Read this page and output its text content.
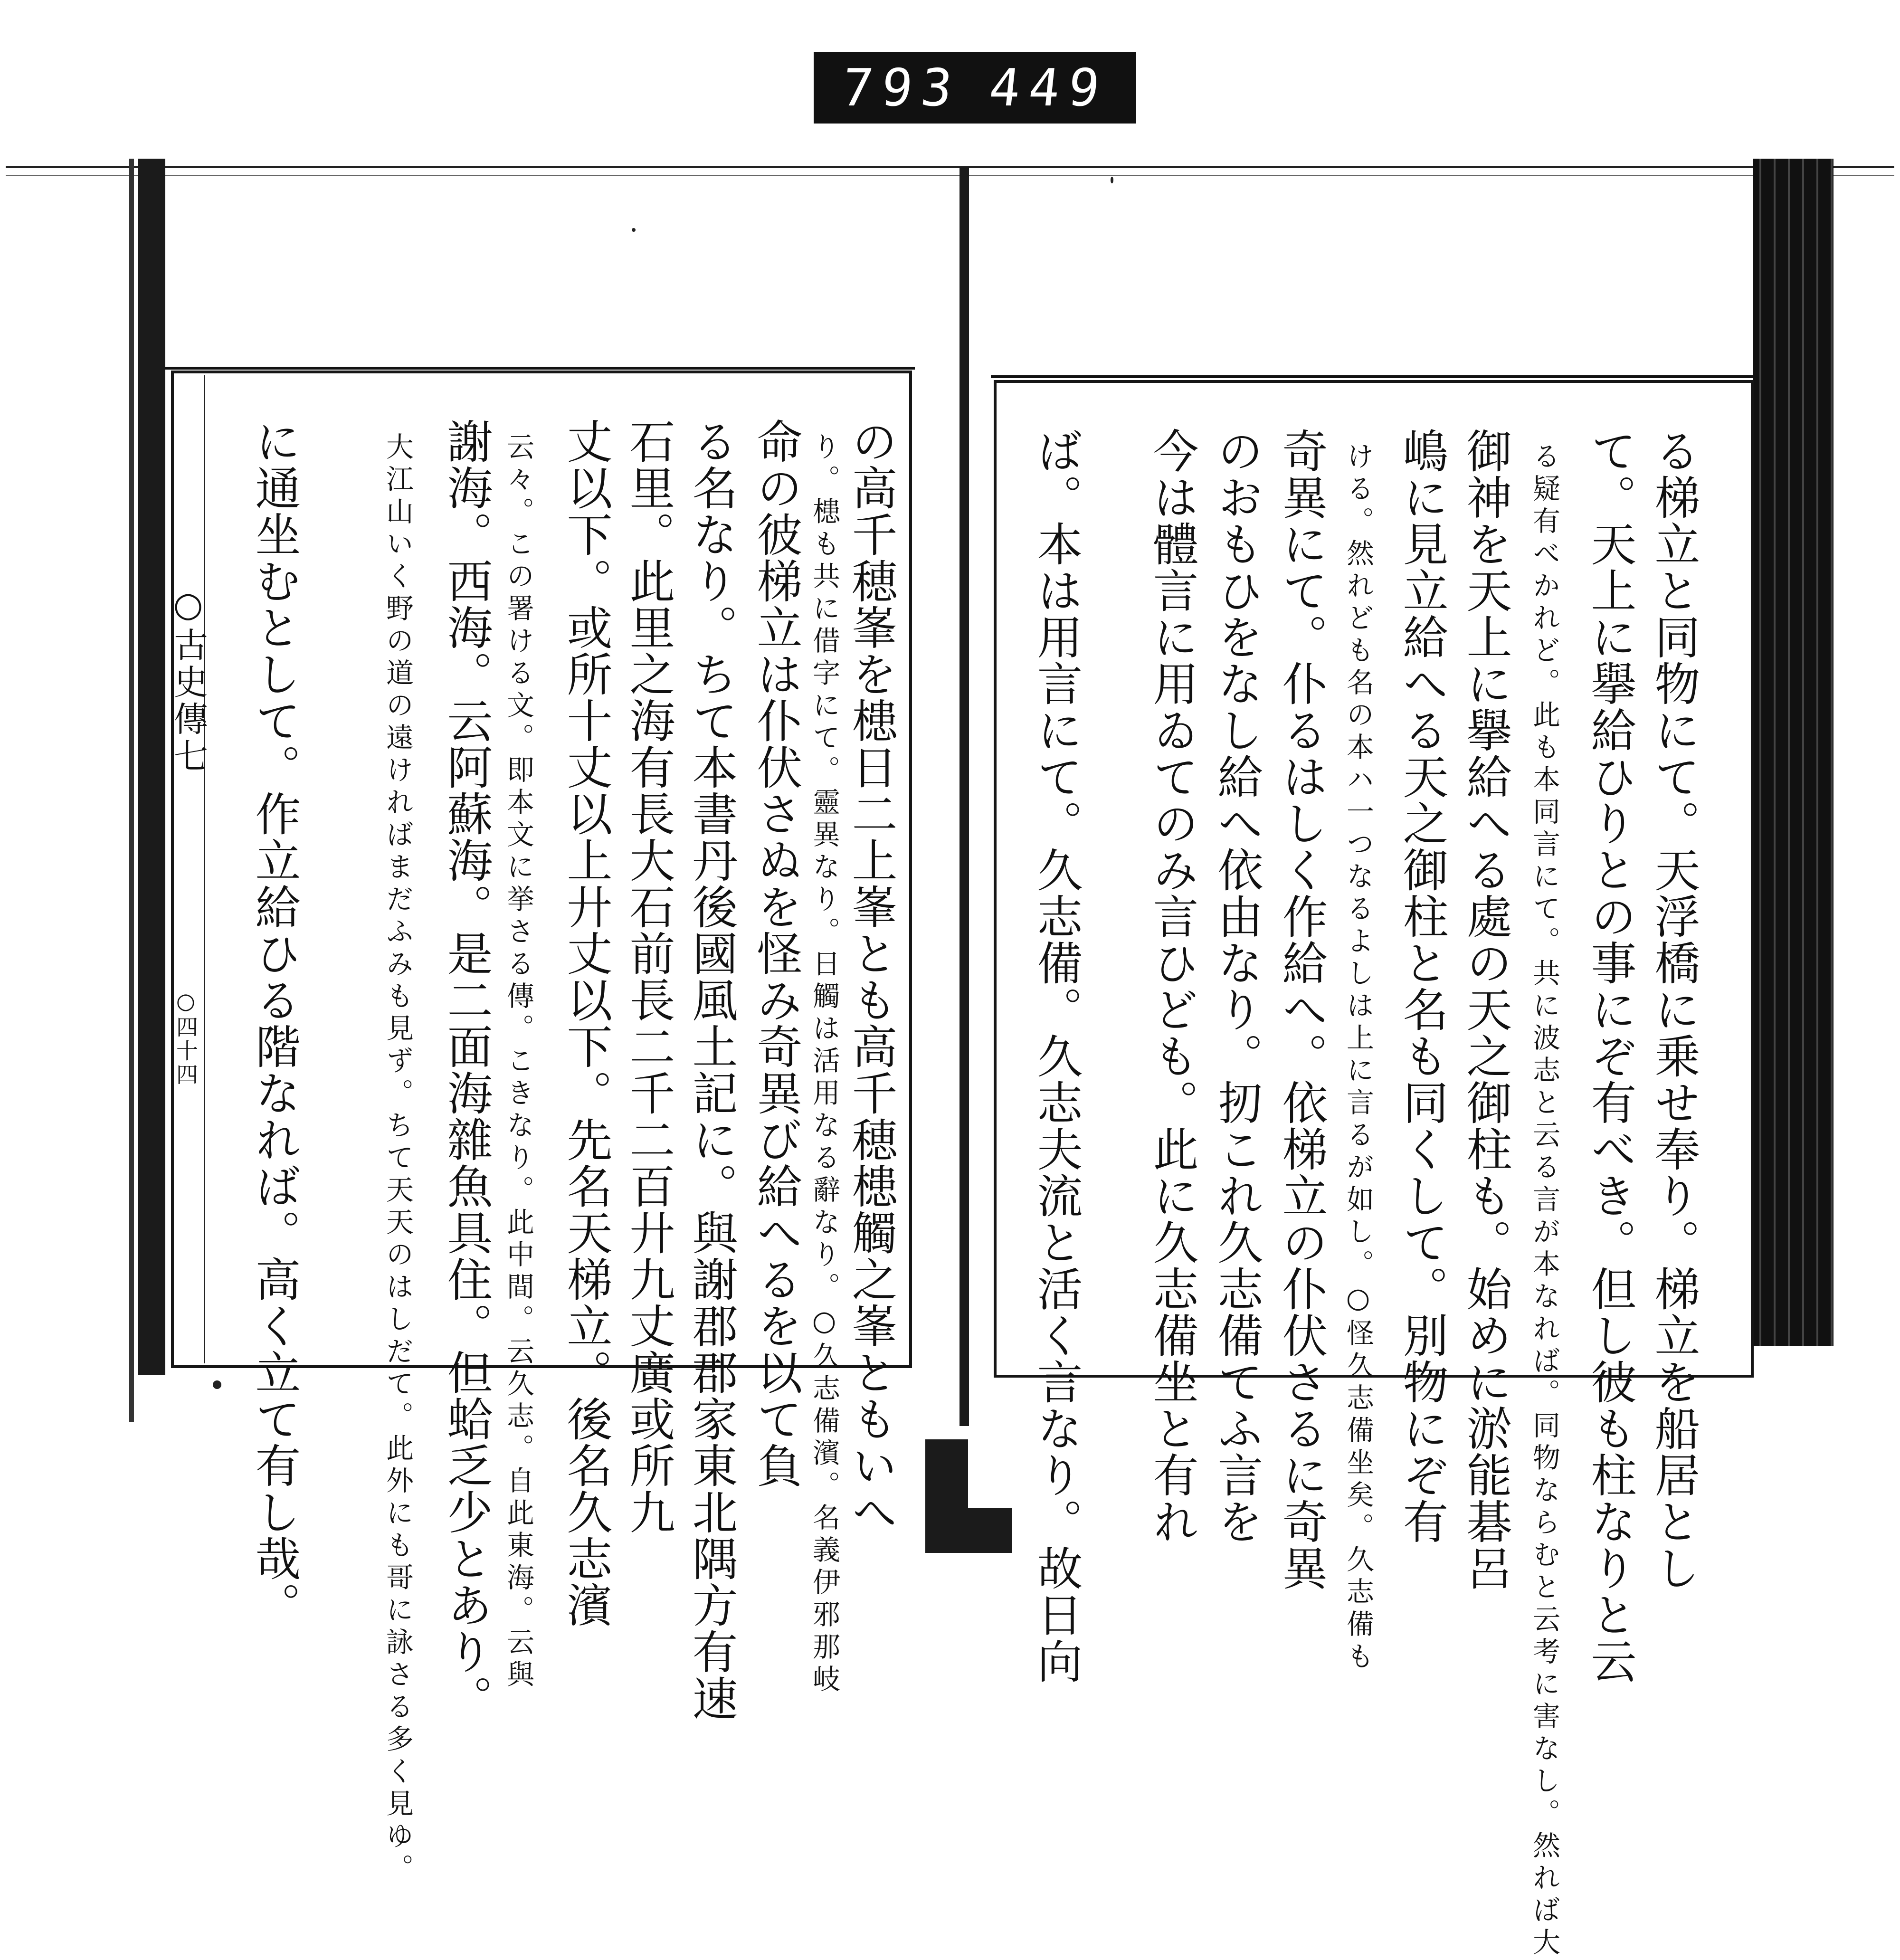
793 449
○古史傳七
○四十四	の高千穂峯を槵日二上峯とも高千穂槵觸之峯ともいへ
り。槵も共に借字にて。靈異なり。日觸は活用なる辭なり。○久志備濱。名義伊邪那岐
命の彼梯立は仆伏さぬを怪み奇異び給へるを以て負
る名なり。ちて本書丹後國風土記に。與謝郡郡家東北隅方有速
石里。此里之海有長大石前長二千二百廾九丈廣或所九
丈以下。或所十丈以上廾丈以下。先名天梯立。後名久志濱
云々。この署ける文。即本文に挙さる傳。こきなり。此中間。云久志。自此東海。云與
謝海。西海。云阿蘇海。是二面海雜魚具住。但蛤乏少とあり。
大江山いく野の道の遠ければまだふみも見ず。ちて天天のはしだて。此外にも哥に詠さる多く見ゆ。
に通坐むとして。作立給ひる階なれば。高く立て有し哉。	る梯立と同物にて。天浮橋に乗せ奉り。梯立を船居とし
て。天上に擧給ひりとの事にぞ有べき。但し彼も柱なりと云
る疑有べかれど。此も本同言にて。共に波志と云る言が本なれば。同物ならむと云考に害なし。然れば大
御神を天上に擧給へる處の天之御柱も。始めに淤能碁呂
嶋に見立給へる天之御柱と名も同くして。別物にぞ有
ける。然れども名の本ハ一つなるよしは上に言るが如し。○怪久志備坐矣。久志備も
奇異にて。仆るはしく作給へ。依梯立の仆伏さるに奇異
のおもひをなし給へ依由なり。扨これ久志備てふ言を
今は體言に用ゐてのみ言ひども。此に久志備坐と有れ
ば。本は用言にて。久志備。久志夫流と活く言なり。故日向
